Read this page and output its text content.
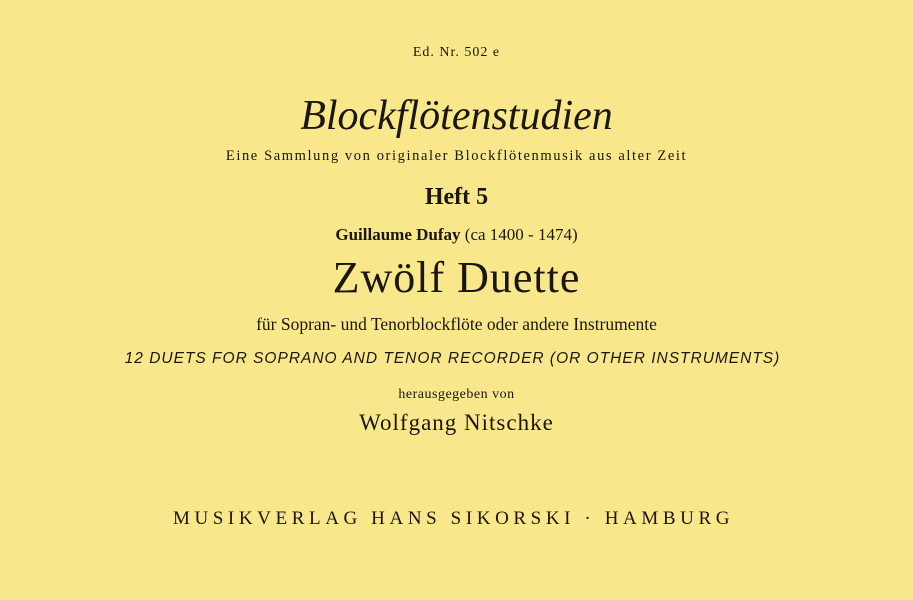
Ed. Nr. 502 e
Blockflötenstudien
Eine Sammlung von originaler Blockflötenmusik aus alter Zeit
Heft 5
Guillaume Dufay (ca 1400 - 1474)
Zwölf Duette
für Sopran- und Tenorblockflöte oder andere Instrumente
12 DUETS FOR SOPRANO AND TENOR RECORDER (OR OTHER INSTRUMENTS)
herausgegeben von
Wolfgang Nitschke
MUSIKVERLAG HANS SIKORSKI · HAMBURG
